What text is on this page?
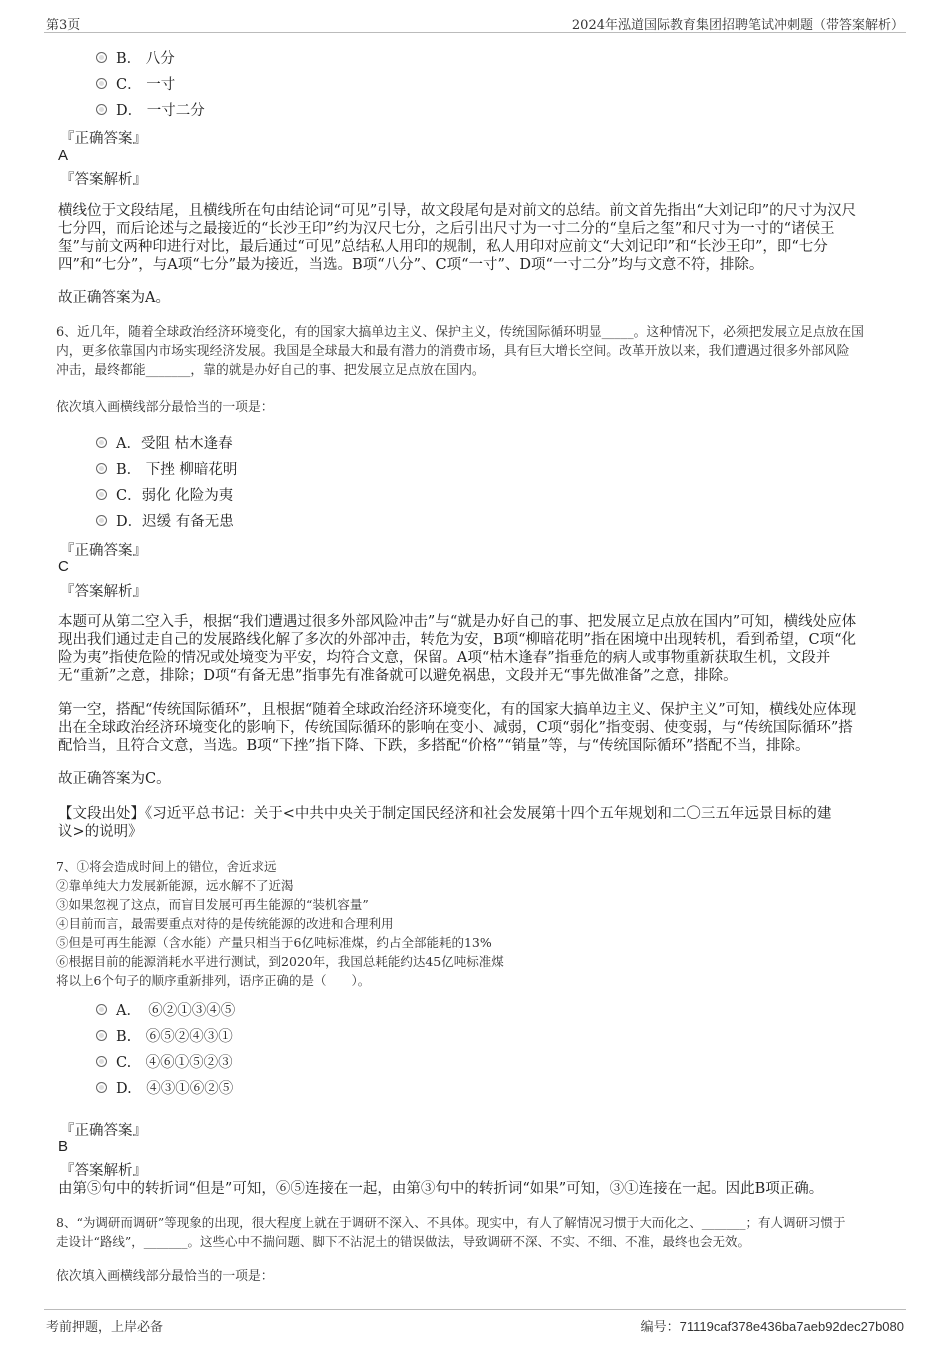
第3页	2024年泓道国际教育集团招聘笔试冲刺题（带答案解析）
B． 八分
C． 一寸
D． 一寸二分
『正确答案』
A
『答案解析』
横线位于文段结尾，且横线所在句由结论词“可见”引导，故文段尾句是对前文的总结。前文首先指出“大刘记印”的尺寸为汉尺
七分四，而后论述与之最接近的“长沙王印”约为汉尺七分，之后引出尺寸为一寸二分的“皇后之玺”和尺寸为一寸的“诸侯王
玺”与前文两种印进行对比，最后通过“可见”总结私人用印的规制，私人用印对应前文“大刘记印”和“长沙王印”，即“七分
四”和“七分”，与A项“七分”最为接近，当选。B项“八分”、C项“一寸”、D项“一寸二分”均与文意不符，排除。
故正确答案为A。
6、近几年，随着全球政治经济环境变化，有的国家大搞单边主义、保护主义，传统国际循环明显_____。这种情况下，必须把发展立足点放在国
内，更多依靠国内市场实现经济发展。我国是全球最大和最有潜力的消费市场，具有巨大增长空间。改革开放以来，我们遭遇过很多外部风险
冲击，最终都能_______，靠的就是办好自己的事、把发展立足点放在国内。
依次填入画横线部分最恰当的一项是：
A．受阻 枯木逢春
B． 下挫 柳暗花明
C．弱化 化险为夷
D．迟缓 有备无患
『正确答案』
C
『答案解析』
本题可从第二空入手，根据“我们遭遇过很多外部风险冲击”与“就是办好自己的事、把发展立足点放在国内”可知，横线处应体
现出我们通过走自己的发展路线化解了多次的外部冲击，转危为安，B项“柳暗花明”指在困境中出现转机，看到希望，C项“化
险为夷”指使危险的情况或处境变为平安，均符合文意，保留。A项“枯木逢春”指垂危的病人或事物重新获取生机，文段并
无“重新”之意，排除；D项“有备无患”指事先有准备就可以避免祸患，文段并无“事先做准备”之意，排除。
第一空，搭配“传统国际循环”，且根据“随着全球政治经济环境变化，有的国家大搞单边主义、保护主义”可知，横线处应体现
出在全球政治经济环境变化的影响下，传统国际循环的影响在变小、减弱，C项“弱化”指变弱、使变弱，与“传统国际循环”搭
配恰当，且符合文意，当选。B项“下挫”指下降、下跌，多搭配“价格”“销量”等，与“传统国际循环”搭配不当，排除。
故正确答案为C。
【文段出处】《习近平总书记：关于<中共中央关于制定国民经济和社会发展第十四个五年规划和二〇三五年远景目标的建
议>的说明》
7、①将会造成时间上的错位，舍近求远
②靠单纯大力发展新能源，远水解不了近渴
③如果忽视了这点，而盲目发展可再生能源的“装机容量”
④目前而言，最需要重点对待的是传统能源的改进和合理利用
⑤但是可再生能源（含水能）产量只相当于6亿吨标准煤，约占全部能耗的13%
⑥根据目前的能源消耗水平进行测试，到2020年，我国总耗能约达45亿吨标准煤
将以上6个句子的顺序重新排列，语序正确的是（　　）。
A．　⑥②①③④⑤
B.　⑥⑤②④③①
C.　④⑥①⑤②③
D.　④③①⑥②⑤
『正确答案』
B
『答案解析』
由第⑤句中的转折词“但是”可知，⑥⑤连接在一起，由第③句中的转折词“如果”可知，③①连接在一起。因此B项正确。
8、“为调研而调研”等现象的出现，很大程度上就在于调研不深入、不具体。现实中，有人了解情况习惯于大而化之、_______；有人调研习惯于
走设计“路线”，_______。这些心中不揣问题、脚下不沾泥土的错误做法，导致调研不深、不实、不细、不准，最终也会无效。
依次填入画横线部分最恰当的一项是：
考前押题，上岸必备	编号：71119caf378e436ba7aeb92dec27b080
